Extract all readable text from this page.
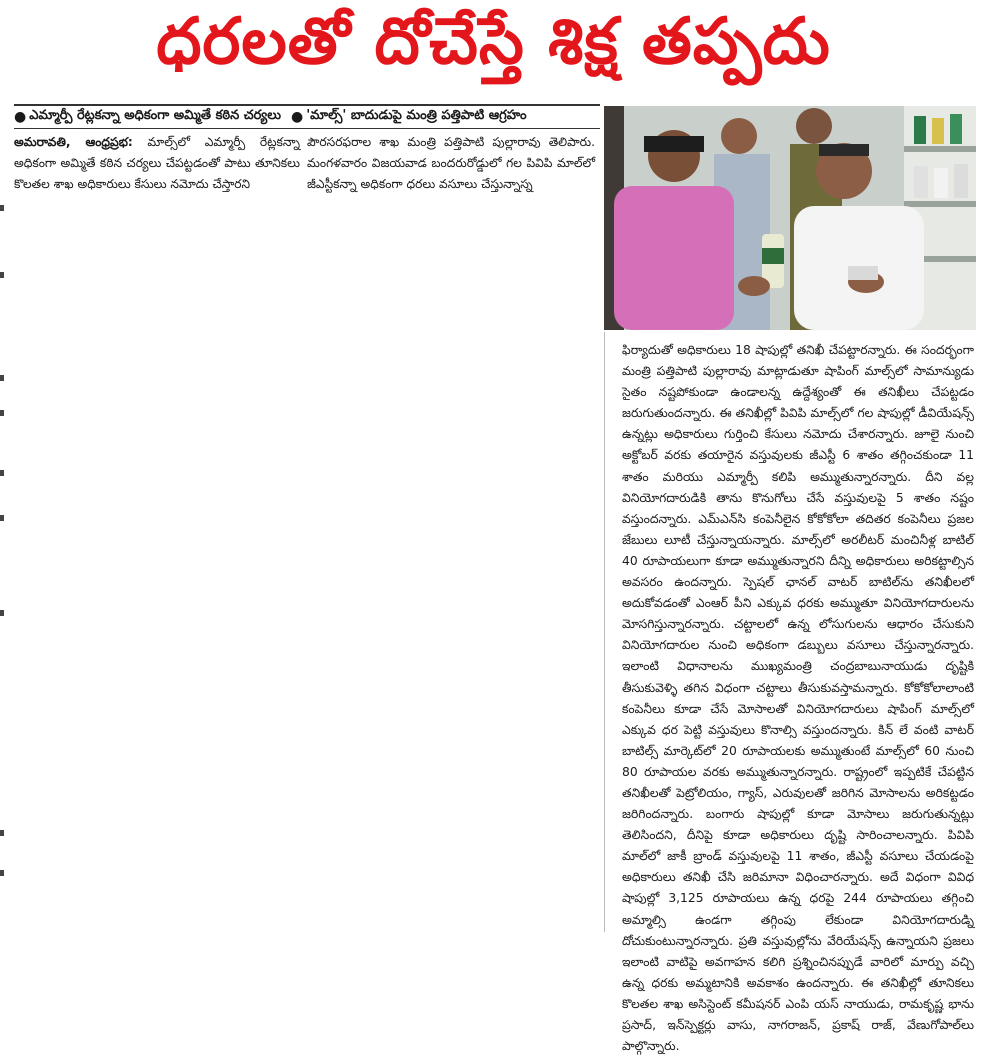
ధరలతో దోచేస్తే శిక్ష తప్పదు
● ఎమ్మార్పీ రేట్లకన్నా అధికంగా అమ్మితే కఠిన చర్యలు ● 'మాల్స్' బాదుడుపై మంత్రి పత్తిపాటి ఆగ్రహం
అమరావతి, ఆంధ్రప్రభ: మాల్స్‌లో ఎమ్మార్పీ రేట్లకన్నా అధికంగా అమ్మితే కఠిన చర్యలు చేపట్టడంతో పాటు తూనికలు కొలతల శాఖ అధికారులు కేసులు నమోదు చేస్తారని
పౌరసరఫరాల శాఖ మంత్రి పత్తిపాటి పుల్లారావు తెలిపారు. మంగళవారం విజయవాడ బందరురోడ్డులో గల పివిపి మాల్‌లో జీఎస్టీకన్నా అధికంగా ధరలు వసూలు చేస్తున్నాస్న
ఫిర్యాదుతో అధికారులు 18 షాపుల్లో తనిఖీ చేపట్టారన్నారు. ఈ సందర్భంగా మంత్రి పత్తిపాటి పుల్లారావు మాట్లాడుతూ షాపింగ్ మాల్స్‌లో సామాన్యుడు సైతం నష్టపోకుండా ఉండాలన్న ఉద్దేశ్యంతో ఈ తనిఖీలు చేపట్టడం జరుగుతుందన్నారు. ఈ తనిఖీల్లో పివిపి మాల్స్‌లో గల షాపుల్లో డీవియేషన్స్ ఉన్నట్లు అధికారులు గుర్తించి కేసులు నమోదు చేశారన్నారు. జూలై నుంచి అక్టోబర్ వరకు తయారైన వస్తువులకు జీఎస్టీ 6 శాతం తగ్గించకుండా 11 శాతం మరియు ఎమ్మార్పీ కలిపి అమ్ముతున్నారన్నారు. దీని వల్ల వినియోగదారుడికి తాను కొనుగోలు చేసే వస్తువులపై 5 శాతం నష్టం వస్తుందన్నారు. ఎమ్ఎన్‌సి కంపెనీలైన కోకోకోలా తదితర కంపెనీలు ప్రజల జేబులు లూటీ చేస్తున్నాయన్నారు. మాల్స్‌లో అరలీటర్ మంచినీళ్ల బాటిల్ 40 రూపాయలుగా కూడా అమ్ముతున్నారని దీన్ని అధికారులు అరికట్టాల్సిన అవసరం ఉందన్నారు. స్పెషల్ ఛానల్ వాటర్ బాటిల్‌ను తనిఖీలలో అదుకోవడంతో ఎంఆర్ పీని ఎక్కువ ధరకు అమ్ముతూ వినియోగదారులను మోసగిస్తున్నారన్నారు. చట్టాలలో ఉన్న లోసుగులను ఆధారం చేసుకుని వినియోగదారుల నుంచి అధికంగా డబ్బులు వసూలు చేస్తున్నారన్నారు. ఇలాంటి విధానాలను ముఖ్యమంత్రి చంద్రబాబునాయుడు దృష్టికి తీసుకువెళ్ళి తగిన విధంగా చట్టాలు తీసుకువస్తామన్నారు. కోకోకోలాలాంటి కంపెనీలు కూడా చేసే మోసాలతో వినియోగదారులు షాపింగ్ మాల్స్‌లో ఎక్కువ ధర పెట్టి వస్తువులు కొనాల్సి వస్తుందన్నారు. కిన్ లే వంటి వాటర్ బాటిల్స్ మార్కెట్‌లో 20 రూపాయలకు అమ్ముతుంటే మాల్స్‌లో 60 నుంచి 80 రూపాయల వరకు అమ్ముతున్నారన్నారు. రాష్ట్రంలో ఇప్పటికే చేపట్టిన తనిఖీలతో పెట్రోలియం, గ్యాస్, ఎరువులతో జరిగిన మోసాలను అరికట్టడం జరిగిందన్నారు. బంగారు షాపుల్లో కూడా మోసాలు జరుగుతున్నట్లు తెలిసిందని, దీనిపై కూడా అధికారులు దృష్టి సారించాలన్నారు. పివిపి మాల్‌లో జాకీ బ్రాండ్ వస్తువులపై 11 శాతం, జీఎస్టీ వసూలు చేయడంపై అధికారులు తనిఖీ చేసి జరిమానా విధించారన్నారు. అదే విధంగా వివిధ షాపుల్లో 3,125 రూపాయలు ఉన్న ధరపై 244 రూపాయలు తగ్గించి అమ్మాల్సి ఉండగా తగ్గింపు లేకుండా వినియోగదారుడ్ని దోచుకుంటున్నారన్నారు. ప్రతి వస్తువుల్లోను వేరియేషన్స్ ఉన్నాయని ప్రజలు ఇలాంటి వాటిపై అవగాహన కలిగి ప్రశ్నించినప్పుడే వారిలో మార్పు వచ్చి ఉన్న ధరకు అమ్మటానికి అవకాశం ఉందన్నారు. ఈ తనిఖీల్లో తూనికలు కొలతల శాఖ అసిస్టెంట్ కమీషనర్ ఎంపి యస్ నాయుడు, రామకృష్ణ భాను ప్రసాద్, ఇన్‌స్పెక్టర్లు వాసు, నాగరాజన్, ప్రకాష్ రాజ్, వేణుగోపాల్‌లు పాల్గొన్నారు.
